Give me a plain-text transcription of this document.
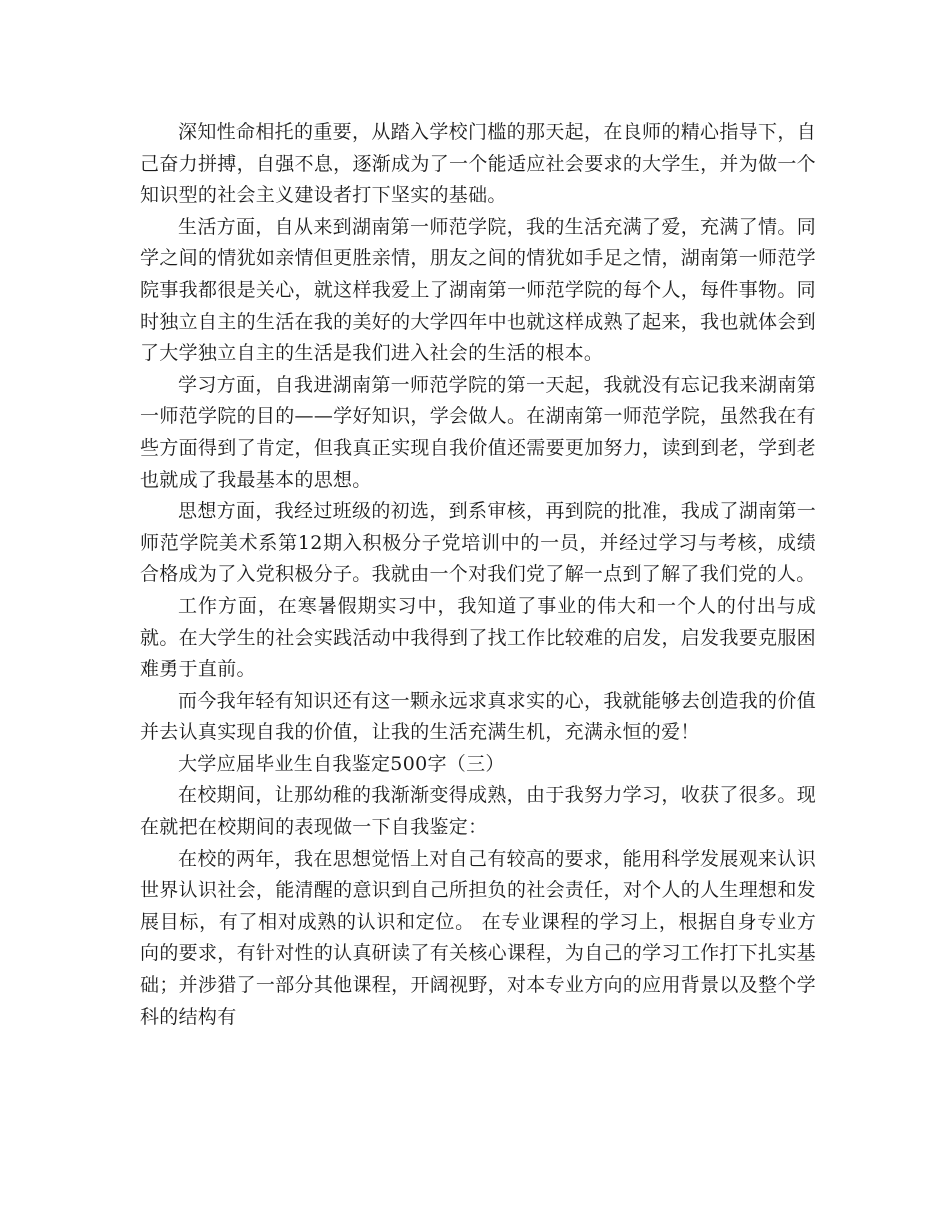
深知性命相托的重要，从踏入学校门槛的那天起，在良师的精心指导下，自己奋力拼搏，自强不息，逐渐成为了一个能适应社会要求的大学生，并为做一个知识型的社会主义建设者打下坚实的基础。

生活方面，自从来到湖南第一师范学院，我的生活充满了爱，充满了情。同学之间的情犹如亲情但更胜亲情，朋友之间的情犹如手足之情，湖南第一师范学院事我都很是关心，就这样我爱上了湖南第一师范学院的每个人，每件事物。同时独立自主的生活在我的美好的大学四年中也就这样成熟了起来，我也就体会到了大学独立自主的生活是我们进入社会的生活的根本。

学习方面，自我进湖南第一师范学院的第一天起，我就没有忘记我来湖南第一师范学院的目的——学好知识，学会做人。在湖南第一师范学院，虽然我在有些方面得到了肯定，但我真正实现自我价值还需要更加努力，读到到老，学到老也就成了我最基本的思想。

思想方面，我经过班级的初选，到系审核，再到院的批准，我成了湖南第一师范学院美术系第12期入积极分子党培训中的一员，并经过学习与考核，成绩合格成为了入党积极分子。我就由一个对我们党了解一点到了解了我们党的人。

工作方面，在寒暑假期实习中，我知道了事业的伟大和一个人的付出与成就。在大学生的社会实践活动中我得到了找工作比较难的启发，启发我要克服困难勇于直前。

而今我年轻有知识还有这一颗永远求真求实的心，我就能够去创造我的价值并去认真实现自我的价值，让我的生活充满生机，充满永恒的爱！

大学应届毕业生自我鉴定500字（三）

在校期间，让那幼稚的我渐渐变得成熟，由于我努力学习，收获了很多。现在就把在校期间的表现做一下自我鉴定：

在校的两年，我在思想觉悟上对自己有较高的要求，能用科学发展观来认识世界认识社会，能清醒的意识到自己所担负的社会责任，对个人的人生理想和发展目标，有了相对成熟的认识和定位。 在专业课程的学习上，根据自身专业方向的要求，有针对性的认真研读了有关核心课程，为自己的学习工作打下扎实基础；并涉猎了一部分其他课程，开阔视野，对本专业方向的应用背景以及整个学科的结构有
